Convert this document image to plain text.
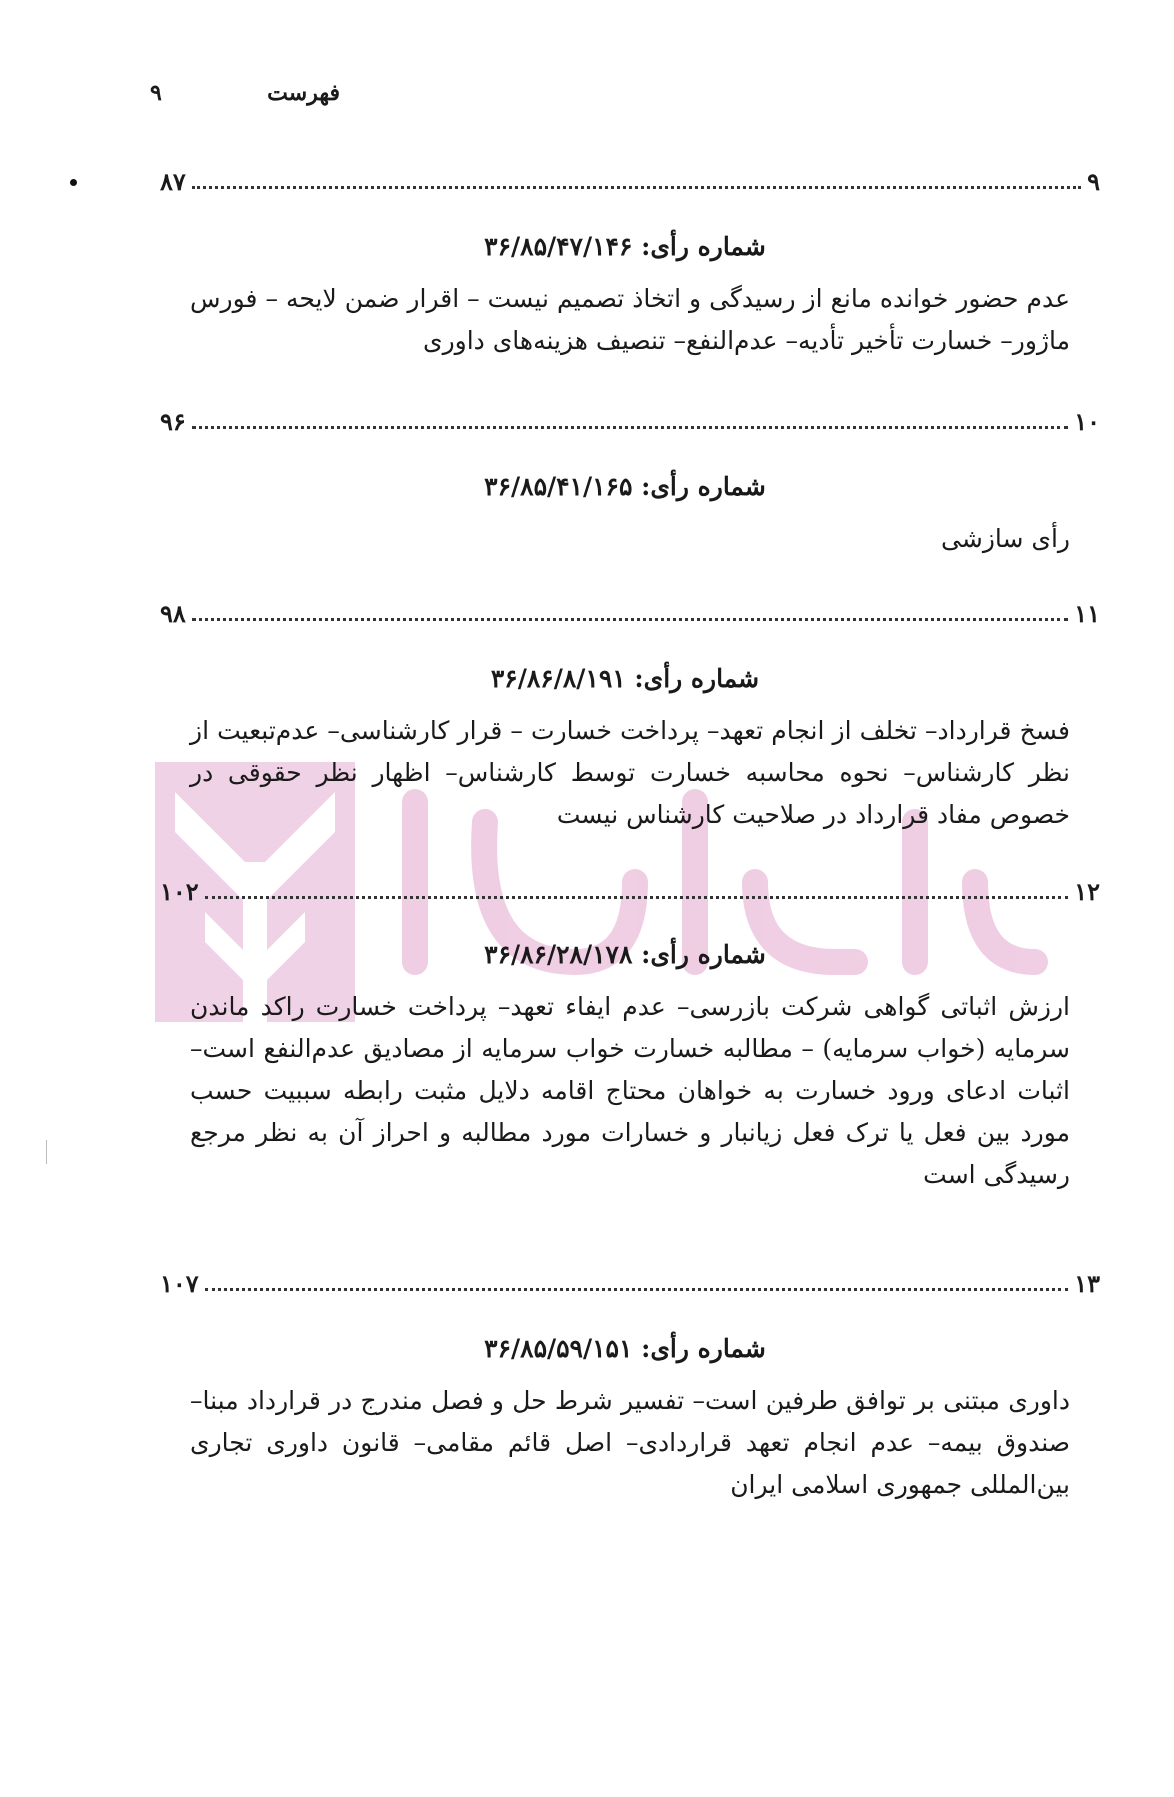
فهرست
۹
۹
۸۷
شماره رأی: ۳۶/۸۵/۴۷/۱۴۶
عدم حضور خوانده مانع از رسیدگی و اتخاذ تصمیم نیست – اقرار ضمن لایحه – فورس ماژور– خسارت تأخیر تأدیه– عدم‌النفع– تنصیف هزینه‌های داوری
۱۰
۹۶
شماره رأی: ۳۶/۸۵/۴۱/۱۶۵
رأی سازشی
۱۱
۹۸
شماره رأی: ۳۶/۸۶/۸/۱۹۱
فسخ قرارداد– تخلف از انجام تعهد– پرداخت خسارت – قرار کارشناسی– عدم‌تبعیت از نظر کارشناس– نحوه محاسبه خسارت توسط کارشناس– اظهار نظر حقوقی در خصوص مفاد قرارداد در صلاحیت کارشناس نیست
۱۲
۱۰۲
شماره رأی: ۳۶/۸۶/۲۸/۱۷۸
ارزش اثباتی گواهی شرکت بازرسی– عدم ایفاء تعهد– پرداخت خسارت راکد ماندن سرمایه (خواب سرمایه) – مطالبه خسارت خواب سرمایه از مصادیق عدم‌النفع است– اثبات ادعای ورود خسارت به خواهان محتاج اقامه دلایل مثبت رابطه سببیت حسب مورد بین فعل یا ترک فعل زیانبار و خسارات مورد مطالبه و احراز آن به نظر مرجع رسیدگی است
۱۳
۱۰۷
شماره رأی: ۳۶/۸۵/۵۹/۱۵۱
داوری مبتنی بر توافق طرفین است– تفسیر شرط حل و فصل مندرج در قرارداد مبنا– صندوق بیمه– عدم انجام تعهد قراردادی– اصل قائم مقامی– قانون داوری تجاری بین‌المللی جمهوری اسلامی ایران
